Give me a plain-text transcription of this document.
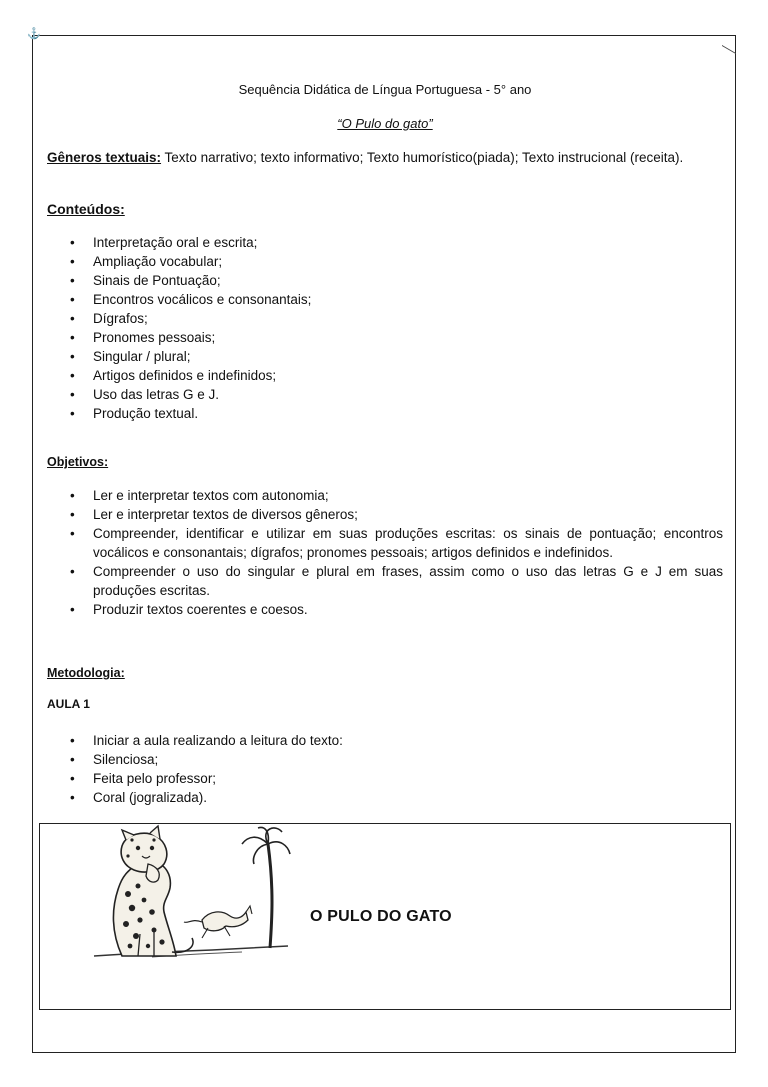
⚓
Sequência Didática de Língua Portuguesa - 5° ano
“O Pulo do gato”
Gêneros textuais: Texto narrativo; texto informativo; Texto humorístico(piada); Texto instrucional (receita).
Conteúdos:
• Interpretação oral e escrita;
• Ampliação vocabular;
• Sinais de Pontuação;
• Encontros vocálicos e consonantais;
• Dígrafos;
• Pronomes pessoais;
• Singular / plural;
• Artigos definidos e indefinidos;
• Uso das letras G e J.
• Produção textual.
Objetivos:
• Ler e interpretar textos com autonomia;
• Ler e interpretar textos de diversos gêneros;
• Compreender, identificar e utilizar em suas produções escritas: os sinais de pontuação; encontros vocálicos e consonantais; dígrafos; pronomes pessoais; artigos definidos e indefinidos.
• Compreender o uso do singular e plural em frases, assim como o uso das letras G e J em suas produções escritas.
• Produzir textos coerentes e coesos.
Metodologia:
AULA 1
• Iniciar a aula realizando a leitura do texto:
• Silenciosa;
• Feita pelo professor;
• Coral (jogralizada).
O PULO DO GATO
